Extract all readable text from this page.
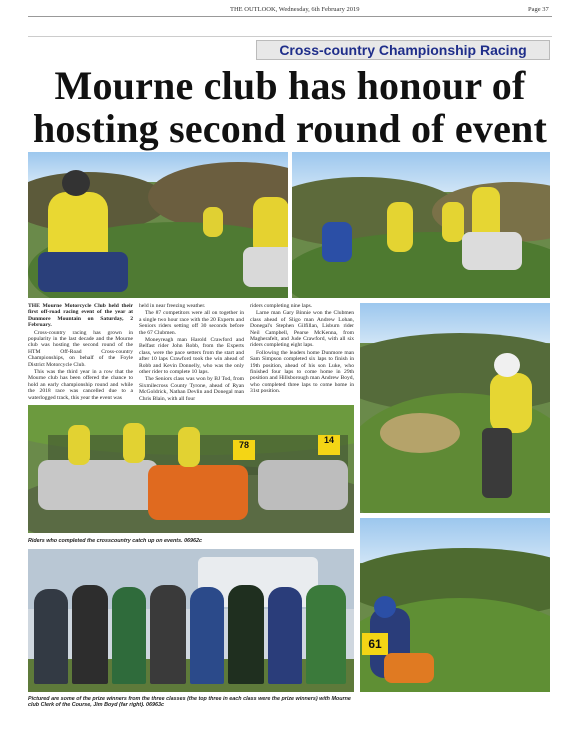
THE OUTLOOK, Wednesday, 6th February 2019	Page 37
Cross-country Championship Racing
Mourne club has honour of hosting second round of event

THE Mourne Motorcycle Club held their first off-road racing event of the year at Dunmore Mountain on Saturday, 2 February.

Cross-country racing has grown in popularity in the last decade and the Mourne club was hosting the second round of the HTM Off-Road Cross-country Championships, on behalf of the Foyle District Motorcycle Club.

This was the third year in a row that the Mourne club has been offered the chance to hold an early championship round and while the 2018 race was cancelled due to a waterlogged track, this year the event was

held in near freezing weather.

The 87 competitors were all on together in a single two hour race with the 20 Experts and Seniors riders setting off 30 seconds before the 67 Clubmen.

Moneyreagh man Harold Crawford and Belfast rider John Robb, from the Experts class, were the pace setters from the start and after 10 laps Crawford took the win ahead of Robb and Kevin Donnelly, who was the only other rider to complete 10 laps.

The Seniors class was won by BJ Tod, from Sixmilecross County Tyrone, ahead of Ryan McGoldrick, Nathan Devlin and Donegal man Chris Blain, with all four

riders completing nine laps.

Larne man Gary Binnie won the Clubmen class ahead of Sligo man Andrew Lohan, Donegal's Stephen Gilfillan, Lisburn rider Neil Campbell, Pearse McKenna, from Magherafelt, and Jude Crawford, with all six riders completing eight laps.

Following the leaders home Dunmore man Sam Simpson completed six laps to finish in 19th position, ahead of his son Luke, who finished four laps to come home in 29th position and Hillsborough man Andrew Boyd, who completed three laps to come home in 31st position.

78	14
Riders who completed the crosscountry catch up on events. 06962c
Pictured are some of the prize winners from the three classes (the top three in each class were the prize winners) with Mourne club Clerk of the Course, Jim Boyd (far right). 06963c
61
